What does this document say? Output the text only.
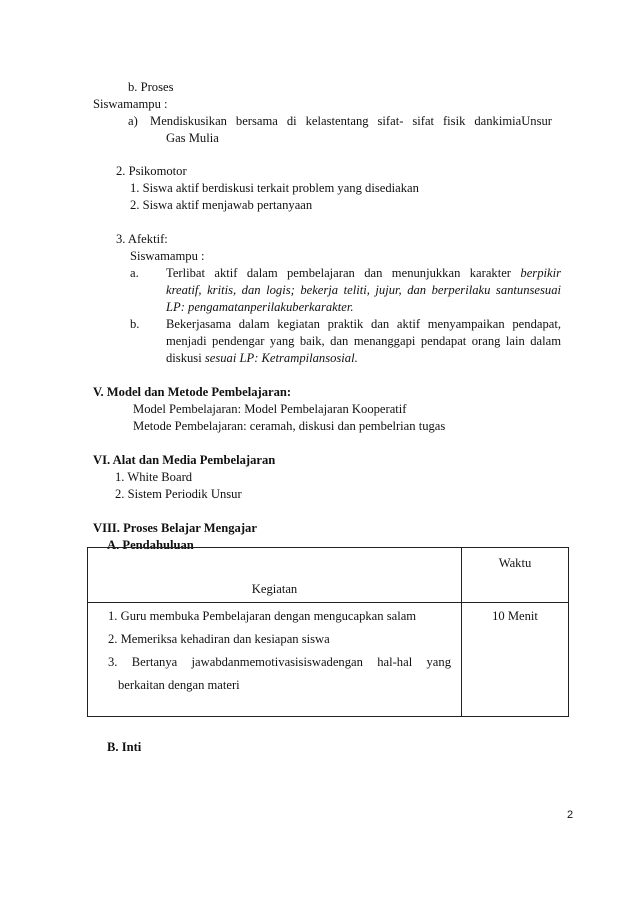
b. Proses
Siswamampu :
a) Mendiskusikan bersama di kelastentang sifat- sifat fisik dankimiaUnsur
Gas Mulia
2. Psikomotor
1. Siswa aktif berdiskusi terkait problem yang disediakan
2. Siswa aktif menjawab pertanyaan
3. Afektif:
Siswamampu :
a. Terlibat aktif dalam pembelajaran dan menunjukkan karakter berpikir
kreatif, kritis, dan logis; bekerja teliti, jujur, dan berperilaku santunsesuai
LP: pengamatanperilakuberkarakter.
b. Bekerjasama dalam kegiatan praktik dan aktif menyampaikan pendapat,
menjadi pendengar yang baik, dan menanggapi pendapat orang lain dalam
diskusi sesuai LP: Ketrampilansosial.
V. Model dan Metode Pembelajaran:
Model Pembelajaran: Model Pembelajaran Kooperatif
Metode Pembelajaran: ceramah, diskusi dan pembelrian tugas
VI. Alat dan Media Pembelajaran
1. White Board
2. Sistem Periodik Unsur
VIII. Proses Belajar Mengajar
A. Pendahuluan
Kegiatan	Waktu

1. Guru membuka Pembelajaran dengan mengucapkan salam
2. Memeriksa kehadiran dan kesiapan siswa
3. Bertanya jawabdanmemotivasisiswadengan hal-hal yang
berkaitan dengan materi	10 Menit
B. Inti
2
